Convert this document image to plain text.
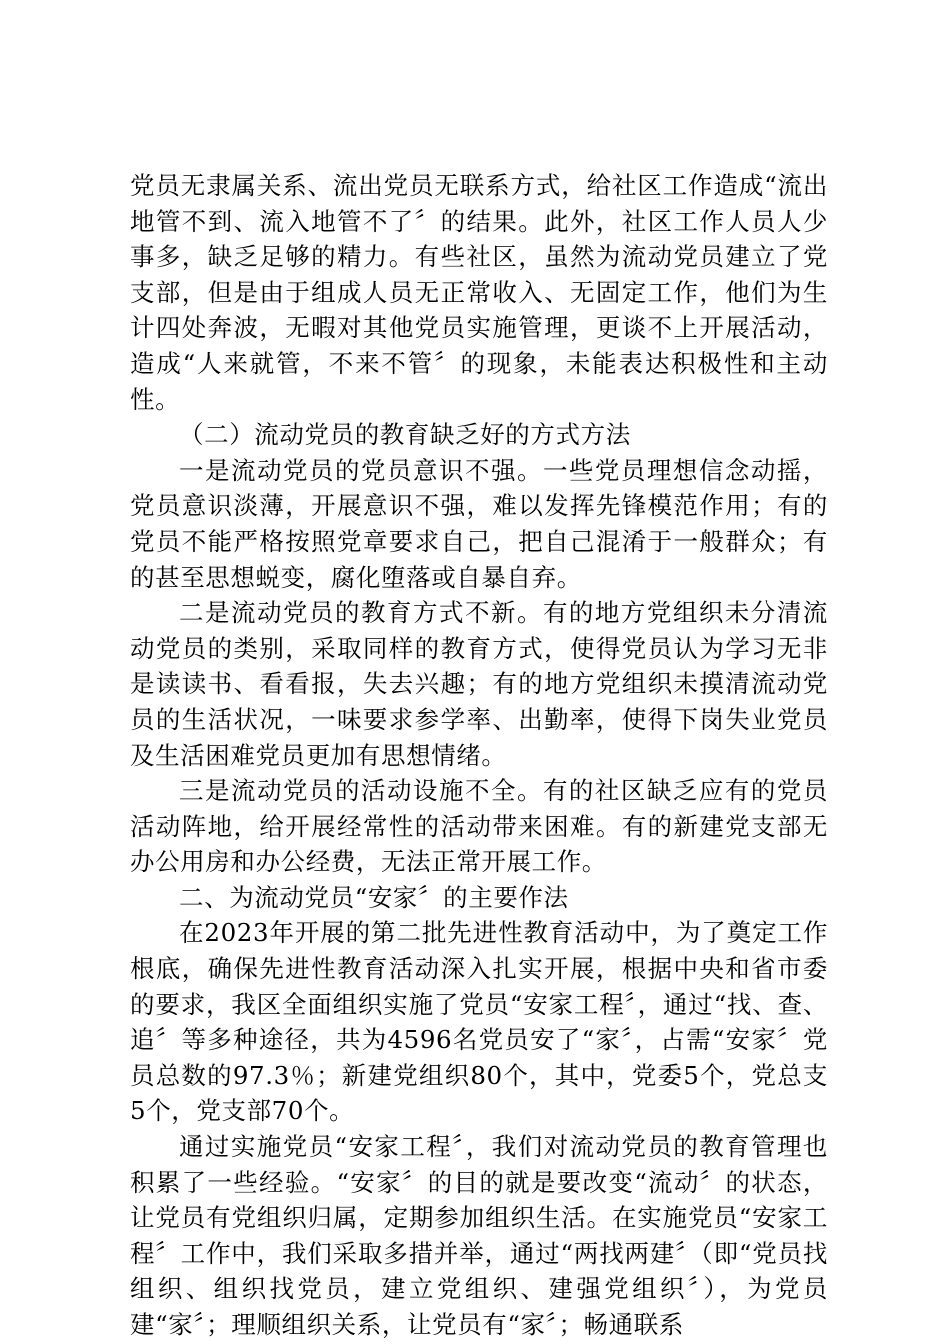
党员无隶属关系、流出党员无联系方式，给社区工作造成“流出地管不到、流入地管不了〞的结果。此外，社区工作人员人少事多，缺乏足够的精力。有些社区，虽然为流动党员建立了党支部，但是由于组成人员无正常收入、无固定工作，他们为生计四处奔波，无暇对其他党员实施管理，更谈不上开展活动，造成“人来就管，不来不管〞的现象，未能表达积极性和主动性。

（二）流动党员的教育缺乏好的方式方法

一是流动党员的党员意识不强。一些党员理想信念动摇，党员意识淡薄，开展意识不强，难以发挥先锋模范作用；有的党员不能严格按照党章要求自己，把自己混淆于一般群众；有的甚至思想蜕变，腐化堕落或自暴自弃。

二是流动党员的教育方式不新。有的地方党组织未分清流动党员的类别，采取同样的教育方式，使得党员认为学习无非是读读书、看看报，失去兴趣；有的地方党组织未摸清流动党员的生活状况，一味要求参学率、出勤率，使得下岗失业党员及生活困难党员更加有思想情绪。

三是流动党员的活动设施不全。有的社区缺乏应有的党员活动阵地，给开展经常性的活动带来困难。有的新建党支部无办公用房和办公经费，无法正常开展工作。

二、为流动党员“安家〞的主要作法

在2023年开展的第二批先进性教育活动中，为了奠定工作根底，确保先进性教育活动深入扎实开展，根据中央和省市委的要求，我区全面组织实施了党员“安家工程〞，通过“找、查、追〞等多种途径，共为4596名党员安了“家〞，占需“安家〞党员总数的97.3％；新建党组织80个，其中，党委5个，党总支5个，党支部70个。

通过实施党员“安家工程〞，我们对流动党员的教育管理也积累了一些经验。“安家〞的目的就是要改变“流动〞的状态，让党员有党组织归属，定期参加组织生活。在实施党员“安家工程〞工作中，我们采取多措并举，通过“两找两建〞（即“党员找组织、组织找党员，建立党组织、建强党组织〞），为党员建“家〞；理顺组织关系，让党员有“家〞；畅通联系
